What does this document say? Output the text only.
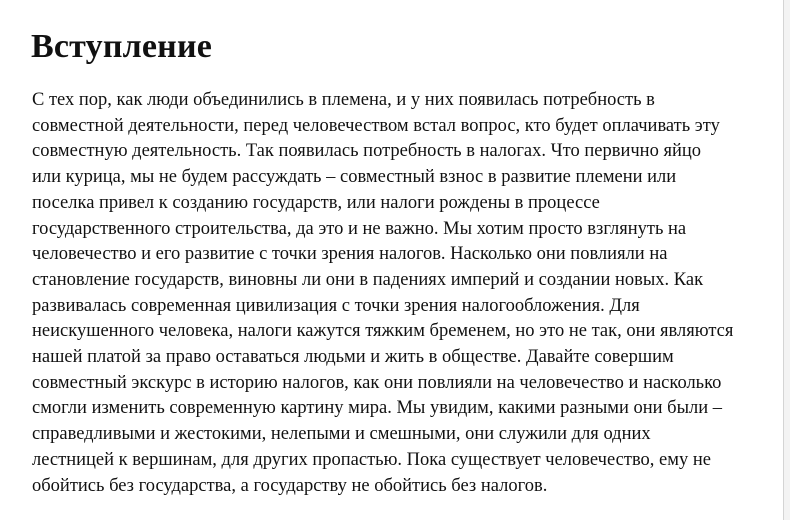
Вступление

С тех пор, как люди объединились в племена, и у них появилась потребность в
совместной деятельности, перед человечеством встал вопрос, кто будет оплачивать эту
совместную деятельность. Так появилась потребность в налогах. Что первично яйцо
или курица, мы не будем рассуждать – совместный взнос в развитие племени или
поселка привел к созданию государств, или налоги рождены в процессе
государственного строительства, да это и не важно. Мы хотим просто взглянуть на
человечество и его развитие с точки зрения налогов. Насколько они повлияли на
становление государств, виновны ли они в падениях империй и создании новых. Как
развивалась современная цивилизация с точки зрения налогообложения. Для
неискушенного человека, налоги кажутся тяжким бременем, но это не так, они являются
нашей платой за право оставаться людьми и жить в обществе. Давайте совершим
совместный экскурс в историю налогов, как они повлияли на человечество и насколько
смогли изменить современную картину мира. Мы увидим, какими разными они были –
справедливыми и жестокими, нелепыми и смешными, они служили для одних
лестницей к вершинам, для других пропастью. Пока существует человечество, ему не
обойтись без государства, а государству не обойтись без налогов.
